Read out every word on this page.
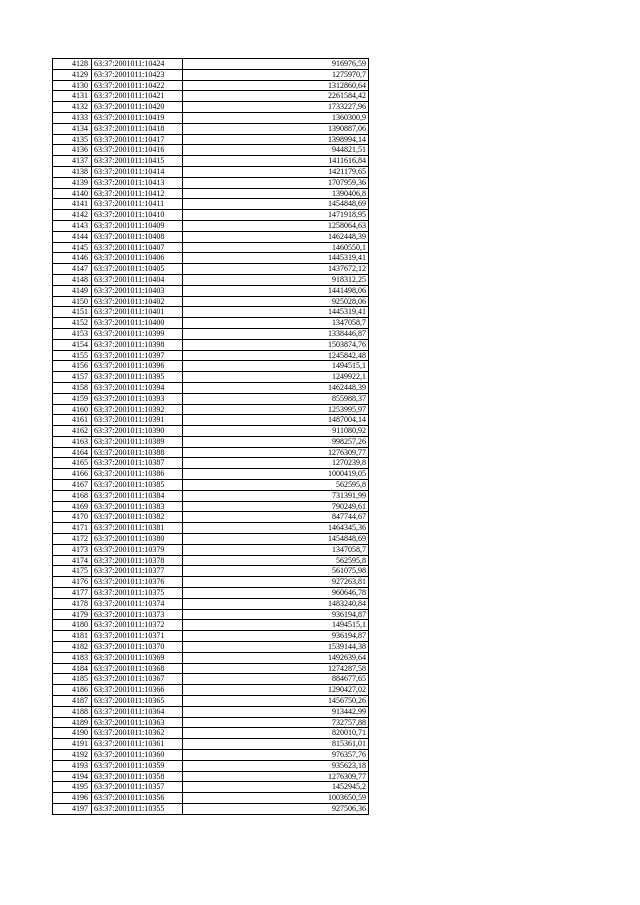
4128	63:37:2001011:10424	916976,59
4129	63:37:2001011:10423	1275970,7
4130	63:37:2001011:10422	1312860,64
4131	63:37:2001011:10421	2261584,42
4132	63:37:2001011:10420	1733227,96
4133	63:37:2001011:10419	1360300,9
4134	63:37:2001011:10418	1390887,06
4135	63:37:2001011:10417	1398994,14
4136	63:37:2001011:10416	944821,51
4137	63:37:2001011:10415	1411616,84
4138	63:37:2001011:10414	1421179,65
4139	63:37:2001011:10413	1707959,36
4140	63:37:2001011:10412	1390406,8
4141	63:37:2001011:10411	1454848,69
4142	63:37:2001011:10410	1471918,95
4143	63:37:2001011:10409	1258064,63
4144	63:37:2001011:10408	1462448,39
4145	63:37:2001011:10407	1460550,1
4146	63:37:2001011:10406	1445319,41
4147	63:37:2001011:10405	1437672,12
4148	63:37:2001011:10404	918312,25
4149	63:37:2001011:10403	1441498,06
4150	63:37:2001011:10402	925028,06
4151	63:37:2001011:10401	1445319,41
4152	63:37:2001011:10400	1347058,7
4153	63:37:2001011:10399	1338446,87
4154	63:37:2001011:10398	1503874,76
4155	63:37:2001011:10397	1245842,48
4156	63:37:2001011:10396	1494515,1
4157	63:37:2001011:10395	1249922,1
4158	63:37:2001011:10394	1462448,39
4159	63:37:2001011:10393	855988,37
4160	63:37:2001011:10392	1253995,97
4161	63:37:2001011:10391	1487004,14
4162	63:37:2001011:10390	911080,92
4163	63:37:2001011:10389	998257,26
4164	63:37:2001011:10388	1276309,77
4165	63:37:2001011:10387	1270239,8
4166	63:37:2001011:10386	1000419,05
4167	63:37:2001011:10385	562595,8
4168	63:37:2001011:10384	731391,99
4169	63:37:2001011:10383	790249,61
4170	63:37:2001011:10382	847744,67
4171	63:37:2001011:10381	1464345,36
4172	63:37:2001011:10380	1454848,69
4173	63:37:2001011:10379	1347058,7
4174	63:37:2001011:10378	562595,8
4175	63:37:2001011:10377	561075,98
4176	63:37:2001011:10376	927263,81
4177	63:37:2001011:10375	960646,78
4178	63:37:2001011:10374	1483240,84
4179	63:37:2001011:10373	936194,87
4180	63:37:2001011:10372	1494515,1
4181	63:37:2001011:10371	936194,87
4182	63:37:2001011:10370	1539144,38
4183	63:37:2001011:10369	1492639,64
4184	63:37:2001011:10368	1274287,58
4185	63:37:2001011:10367	884677,65
4186	63:37:2001011:10366	1290427,02
4187	63:37:2001011:10365	1456750,26
4188	63:37:2001011:10364	913442,99
4189	63:37:2001011:10363	732757,88
4190	63:37:2001011:10362	820010,71
4191	63:37:2001011:10361	815361,01
4192	63:37:2001011:10360	976357,76
4193	63:37:2001011:10359	935623,18
4194	63:37:2001011:10358	1276309,77
4195	63:37:2001011:10357	1452945,2
4196	63:37:2001011:10356	1003650,59
4197	63:37:2001011:10355	927506,36
